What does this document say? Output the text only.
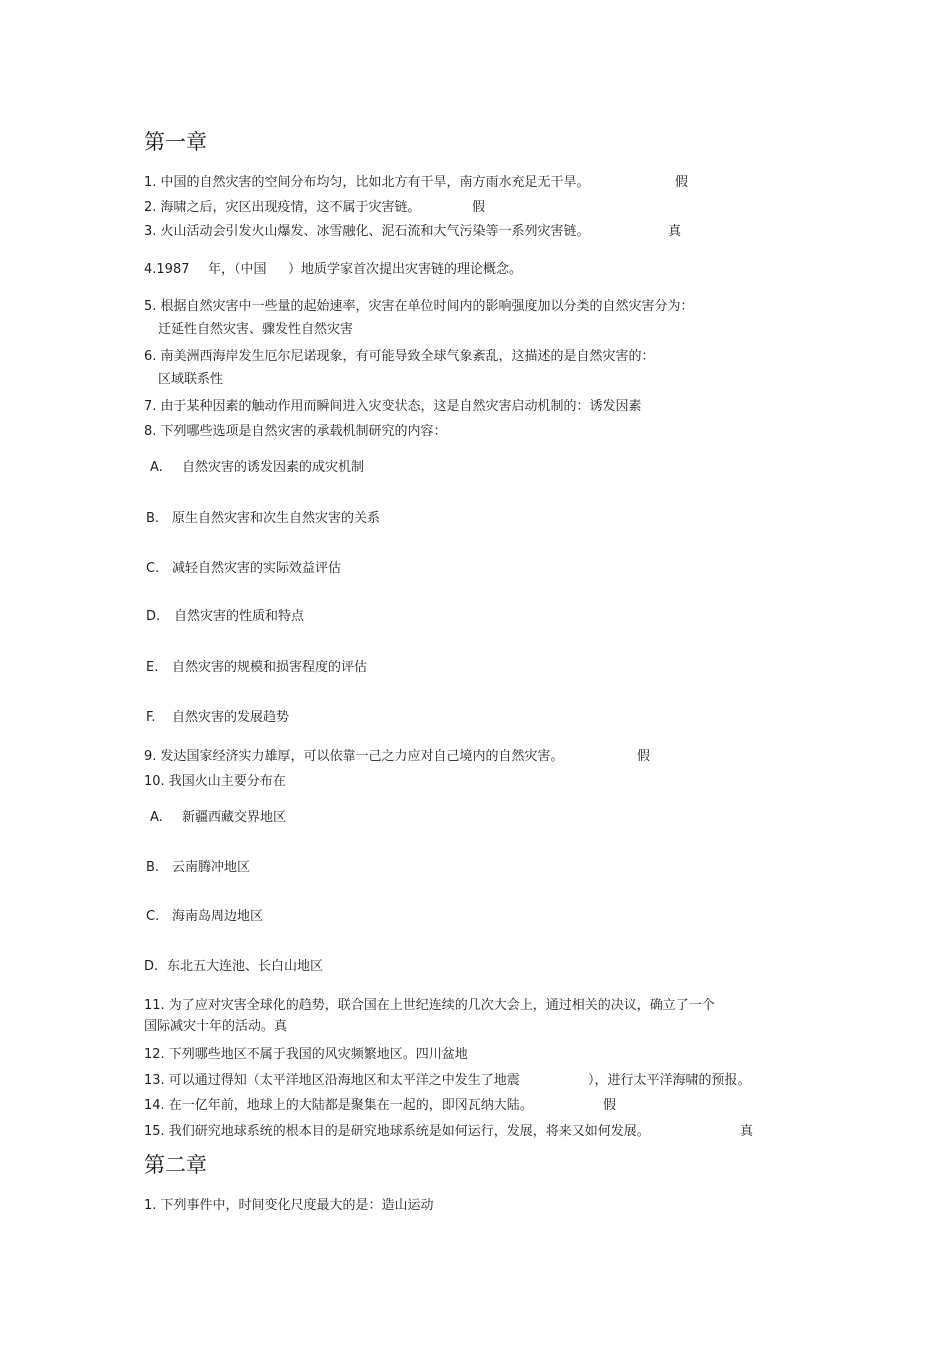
第一章
1. 中国的自然灾害的空间分布均匀，比如北方有干旱，南方雨水充足无干旱。	假
2. 海啸之后，灾区出现疫情，这不属于灾害链。	假
3. 火山活动会引发火山爆发、冰雪融化、泥石流和大气污染等一系列灾害链。	真
4.1987 年，（中国 ）地质学家首次提出灾害链的理论概念。
5. 根据自然灾害中一些量的起始速率，灾害在单位时间内的影响强度加以分类的自然灾害分为：
迁延性自然灾害、骤发性自然灾害
6. 南美洲西海岸发生厄尔尼诺现象，有可能导致全球气象紊乱，这描述的是自然灾害的：
区域联系性
7. 由于某种因素的触动作用而瞬间进入灾变状态，这是自然灾害启动机制的：诱发因素
8. 下列哪些选项是自然灾害的承载机制研究的内容：
A. 自然灾害的诱发因素的成灾机制
B. 原生自然灾害和次生自然灾害的关系
C. 减轻自然灾害的实际效益评估
D. 自然灾害的性质和特点
E. 自然灾害的规模和损害程度的评估
F. 自然灾害的发展趋势
9. 发达国家经济实力雄厚，可以依靠一己之力应对自己境内的自然灾害。	假
10. 我国火山主要分布在
A. 新疆西藏交界地区
B. 云南腾冲地区
C. 海南岛周边地区
D. 东北五大连池、长白山地区
11. 为了应对灾害全球化的趋势，联合国在上世纪连续的几次大会上，通过相关的决议，确立了一个
国际减灾十年的活动。真
12. 下列哪些地区不属于我国的风灾频繁地区。四川盆地
13. 可以通过得知（太平洋地区沿海地区和太平洋之中发生了地震	），进行太平洋海啸的预报。
14. 在一亿年前，地球上的大陆都是聚集在一起的，即冈瓦纳大陆。	假
15. 我们研究地球系统的根本目的是研究地球系统是如何运行，发展，将来又如何发展。	真
第二章
1. 下列事件中，时间变化尺度最大的是：造山运动
